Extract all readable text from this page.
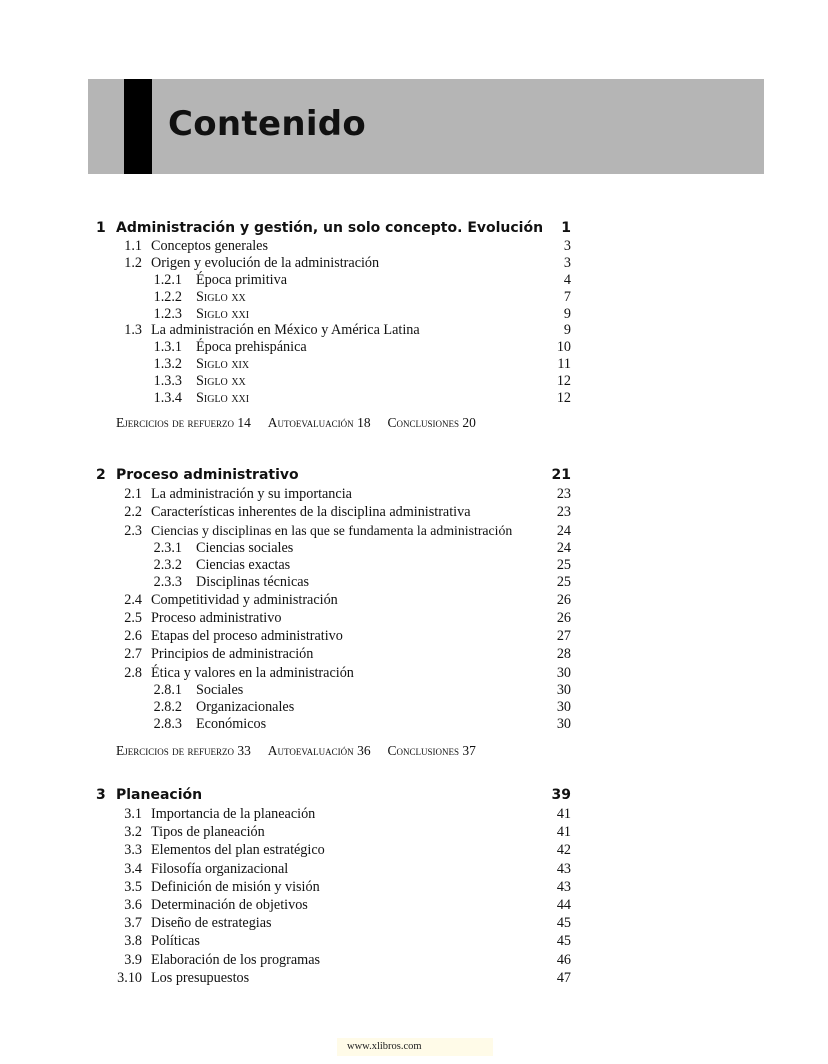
Contenido
1 Administración y gestión, un solo concepto. Evolución 1
1.1 Conceptos generales	3
1.2 Origen y evolución de la administración	3
1.2.1 Época primitiva	4
1.2.2 Siglo xx	7
1.2.3 Siglo xxi	9
1.3 La administración en México y América Latina	9
1.3.1 Época prehispánica	10
1.3.2 Siglo xix	11
1.3.3 Siglo xx	12
1.3.4 Siglo xxi	12
Ejercicios de refuerzo 14 Autoevaluación 18 Conclusiones 20
2 Proceso administrativo	21
2.1 La administración y su importancia	23
2.2 Características inherentes de la disciplina administrativa	23
2.3 Ciencias y disciplinas en las que se fundamenta la administración	24
2.3.1 Ciencias sociales	24
2.3.2 Ciencias exactas	25
2.3.3 Disciplinas técnicas	25
2.4 Competitividad y administración	26
2.5 Proceso administrativo	26
2.6 Etapas del proceso administrativo	27
2.7 Principios de administración	28
2.8 Ética y valores en la administración	30
2.8.1 Sociales	30
2.8.2 Organizacionales	30
2.8.3 Económicos	30
Ejercicios de refuerzo 33 Autoevaluación 36 Conclusiones 37
3 Planeación	39
3.1 Importancia de la planeación	41
3.2 Tipos de planeación	41
3.3 Elementos del plan estratégico	42
3.4 Filosofía organizacional	43
3.5 Definición de misión y visión	43
3.6 Determinación de objetivos	44
3.7 Diseño de estrategias	45
3.8 Políticas	45
3.9 Elaboración de los programas	46
3.10 Los presupuestos	47
www.xlibros.com
